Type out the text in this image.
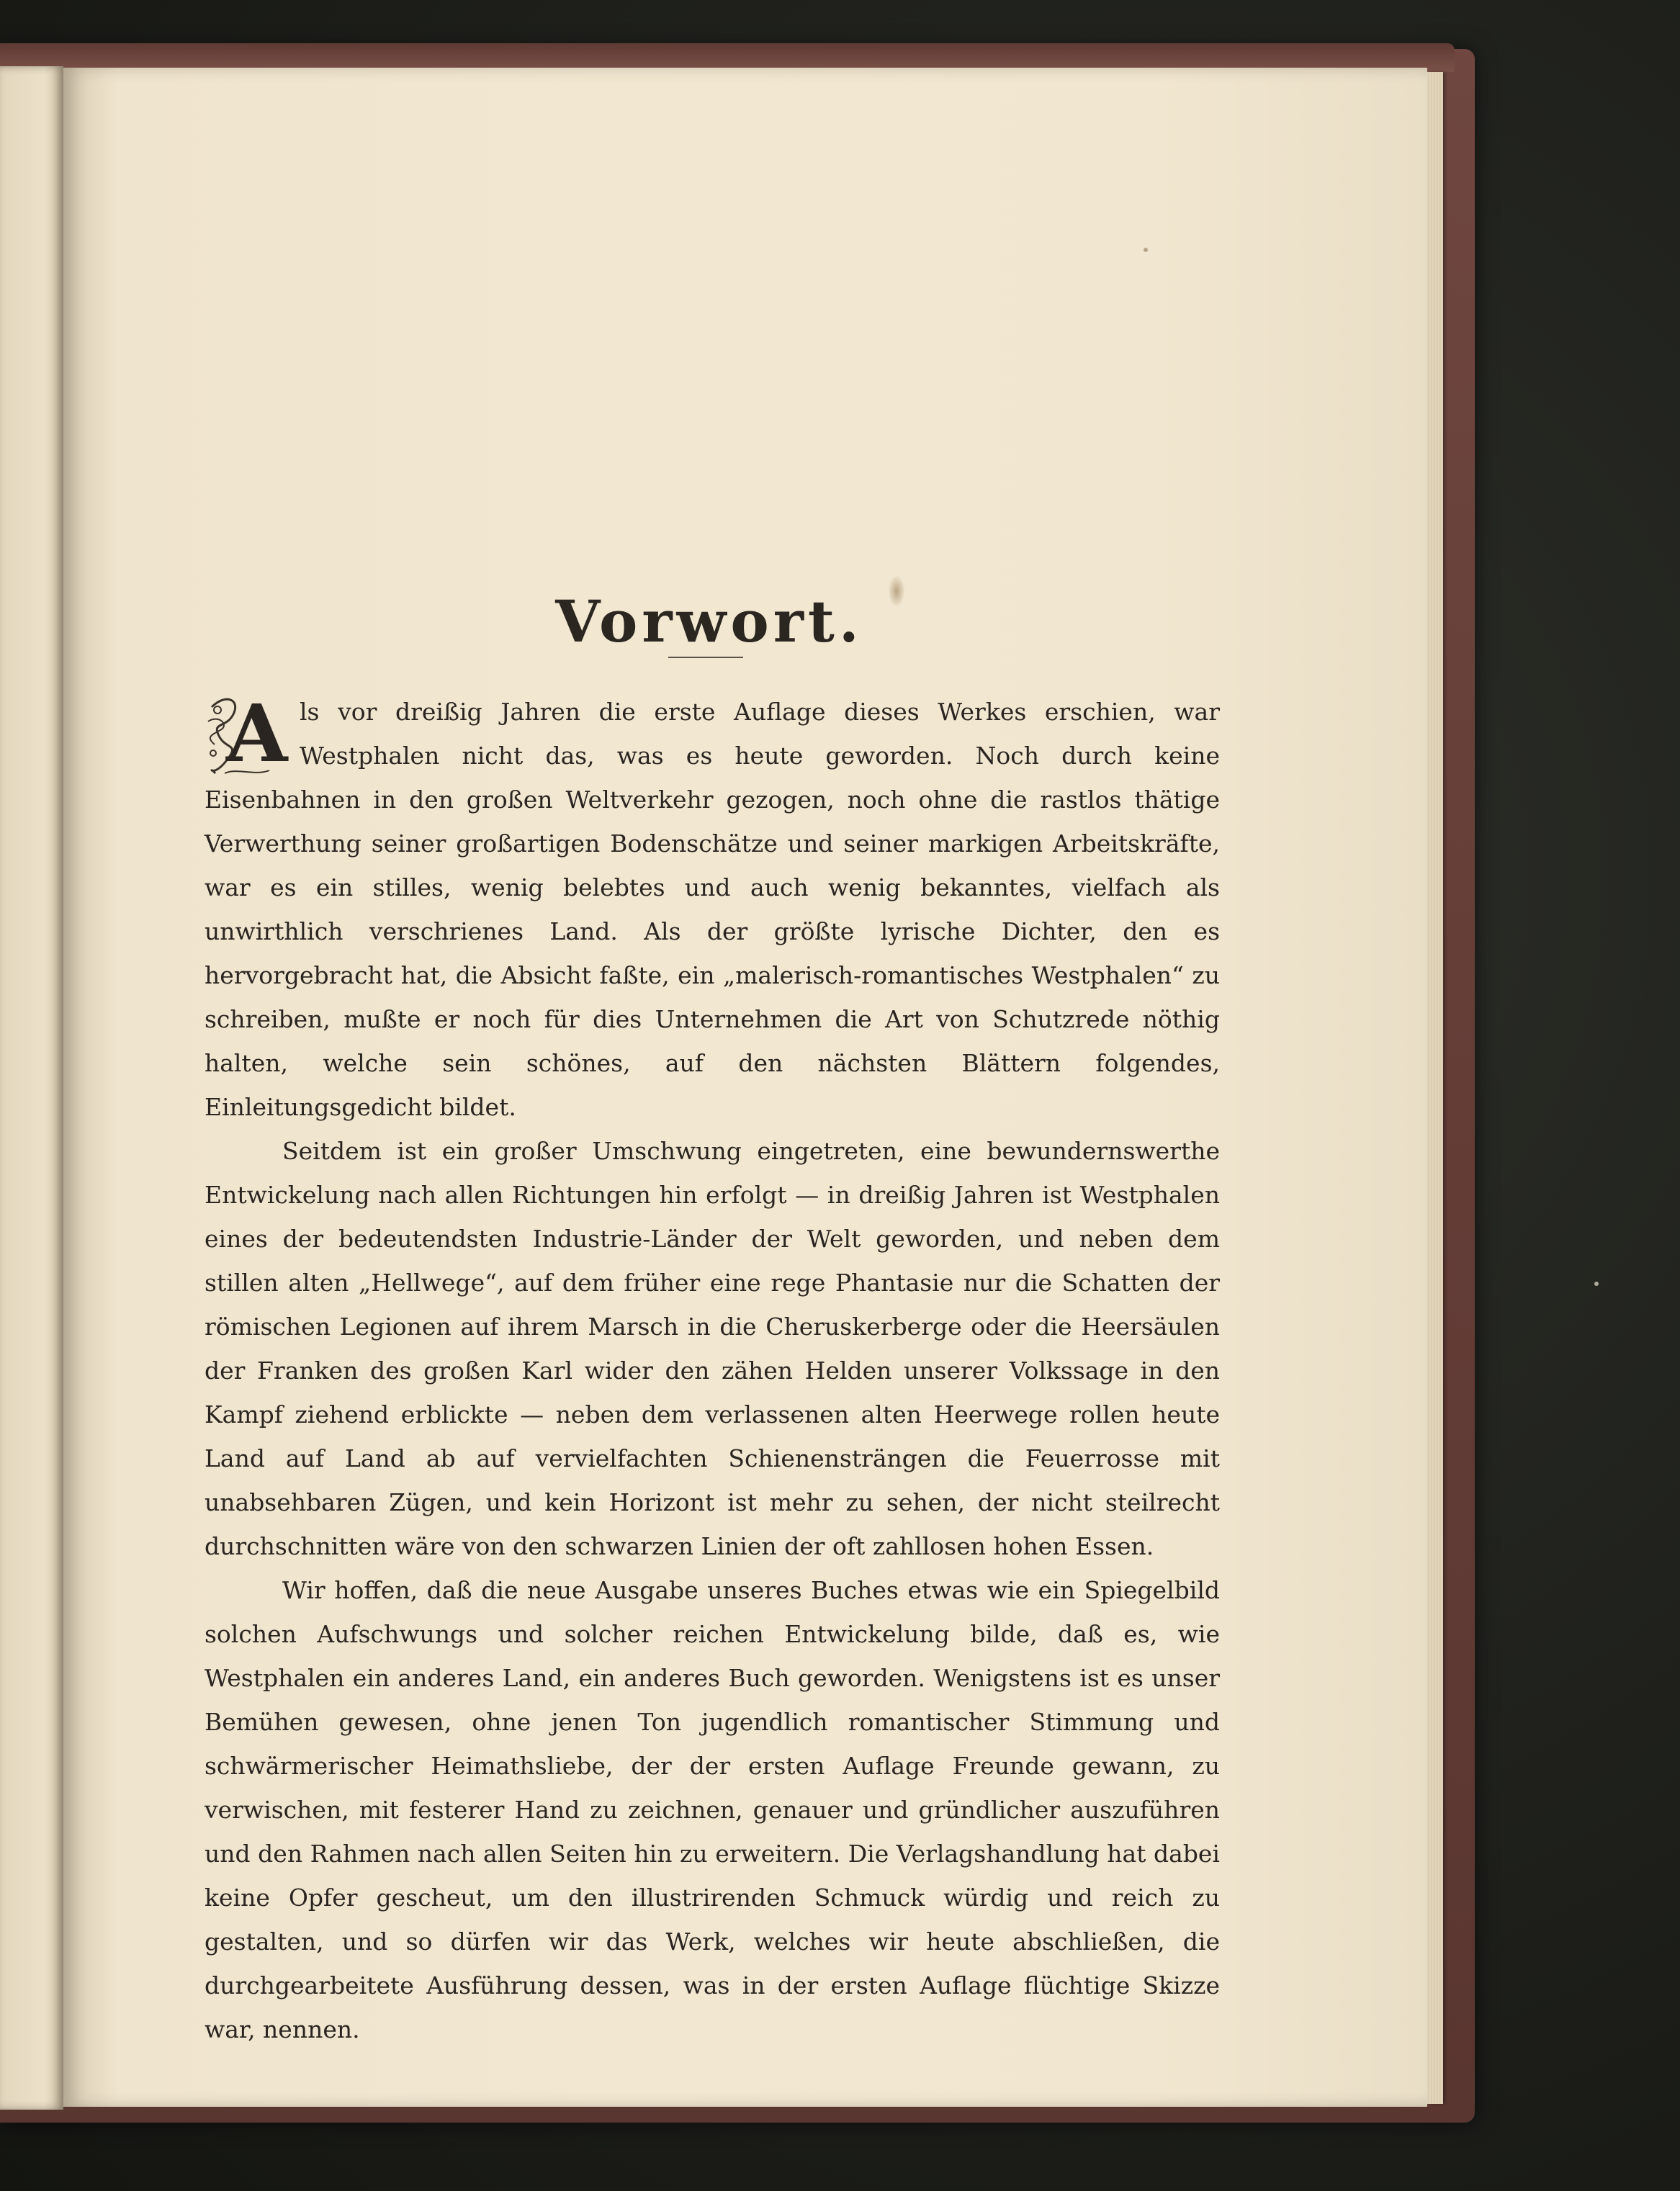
Vorwort.

A ls vor dreißig Jahren die erste Auflage dieses Werkes erschien, war Westphalen nicht das, was es heute geworden. Noch durch keine Eisenbahnen in den großen Weltverkehr gezogen, noch ohne die rastlos thätige Verwerthung seiner großartigen Bodenschätze und seiner markigen Arbeitskräfte, war es ein stilles, wenig belebtes und auch wenig bekanntes, vielfach als unwirthlich verschrienes Land. Als der größte lyrische Dichter, den es hervorgebracht hat, die Absicht faßte, ein „malerisch-romantisches Westphalen“ zu schreiben, mußte er noch für dies Unternehmen die Art von Schutzrede nöthig halten, welche sein schönes, auf den nächsten Blättern folgendes, Einleitungsgedicht bildet.

Seitdem ist ein großer Umschwung eingetreten, eine bewundernswerthe Entwickelung nach allen Richtungen hin erfolgt — in dreißig Jahren ist Westphalen eines der bedeutendsten Industrie-Länder der Welt geworden, und neben dem stillen alten „Hellwege“, auf dem früher eine rege Phantasie nur die Schatten der römischen Legionen auf ihrem Marsch in die Cheruskerberge oder die Heersäulen der Franken des großen Karl wider den zähen Helden unserer Volkssage in den Kampf ziehend erblickte — neben dem verlassenen alten Heerwege rollen heute Land auf Land ab auf vervielfachten Schienensträngen die Feuerrosse mit unabsehbaren Zügen, und kein Horizont ist mehr zu sehen, der nicht steilrecht durchschnitten wäre von den schwarzen Linien der oft zahllosen hohen Essen.

Wir hoffen, daß die neue Ausgabe unseres Buches etwas wie ein Spiegelbild solchen Aufschwungs und solcher reichen Entwickelung bilde, daß es, wie Westphalen ein anderes Land, ein anderes Buch geworden. Wenigstens ist es unser Bemühen gewesen, ohne jenen Ton jugendlich romantischer Stimmung und schwärmerischer Heimathsliebe, der der ersten Auflage Freunde gewann, zu verwischen, mit festerer Hand zu zeichnen, genauer und gründlicher auszuführen und den Rahmen nach allen Seiten hin zu erweitern. Die Verlagshandlung hat dabei keine Opfer gescheut, um den illustrirenden Schmuck würdig und reich zu gestalten, und so dürfen wir das Werk, welches wir heute abschließen, die durchgearbeitete Ausführung dessen, was in der ersten Auflage flüchtige Skizze war, nennen.
